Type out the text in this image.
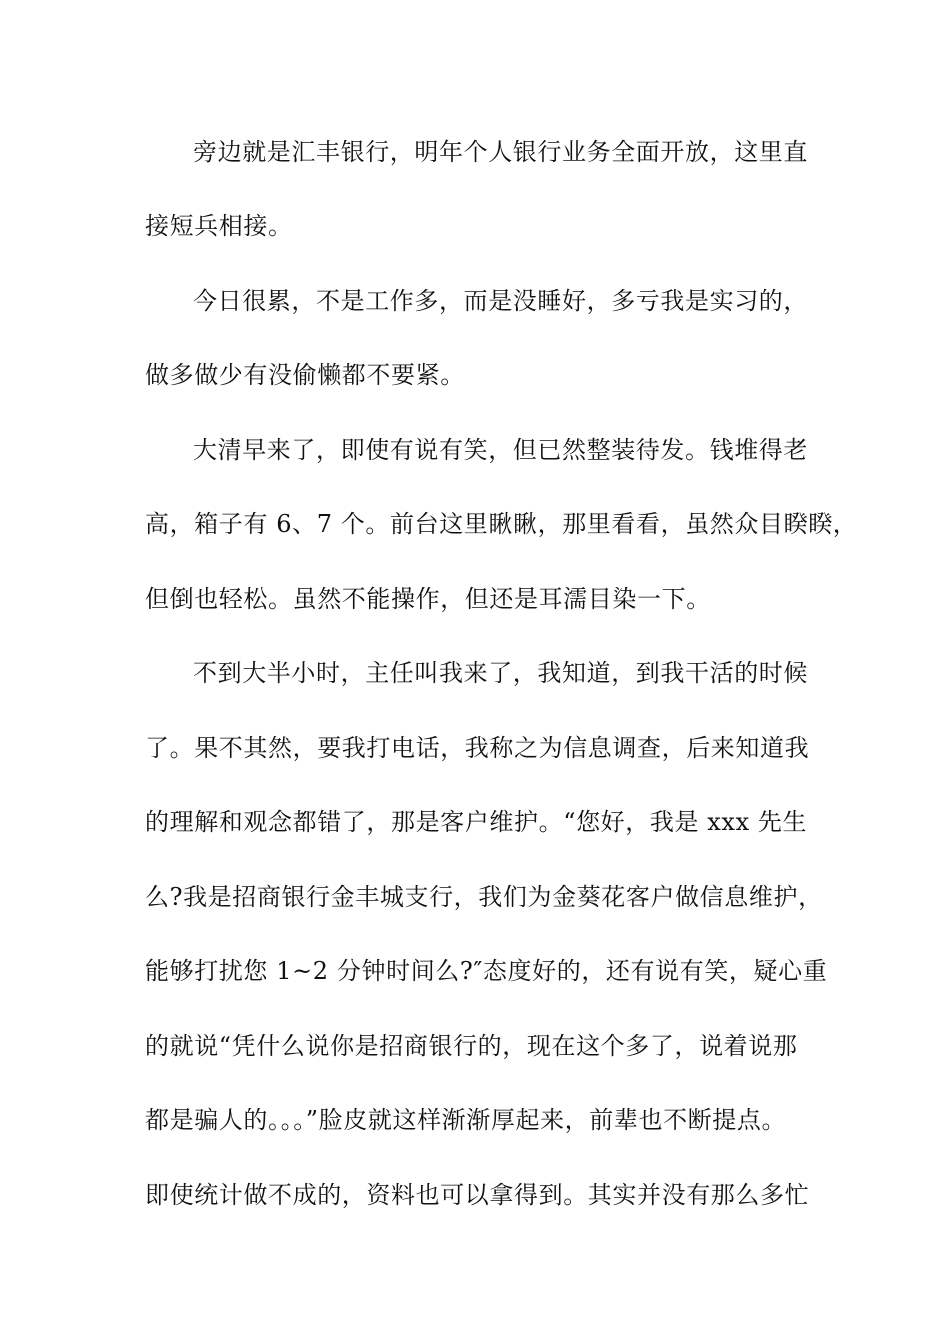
旁边就是汇丰银行，明年个人银行业务全面开放，这里直
接短兵相接。
今日很累，不是工作多，而是没睡好，多亏我是实习的，
做多做少有没偷懒都不要紧。
大清早来了，即使有说有笑，但已然整装待发。钱堆得老
高，箱子有 6、7 个。前台这里瞅瞅，那里看看，虽然众目睽睽，
但倒也轻松。虽然不能操作，但还是耳濡目染一下。
不到大半小时，主任叫我来了，我知道，到我干活的时候
了。果不其然，要我打电话，我称之为信息调查，后来知道我
的理解和观念都错了，那是客户维护。“您好，我是 xxx 先生
么?我是招商银行金丰城支行，我们为金葵花客户做信息维护，
能够打扰您 1~2 分钟时间么?″态度好的，还有说有笑，疑心重
的就说“凭什么说你是招商银行的，现在这个多了，说着说那
都是骗人的。。。”脸皮就这样渐渐厚起来，前辈也不断提点。
即使统计做不成的，资料也可以拿得到。其实并没有那么多忙
